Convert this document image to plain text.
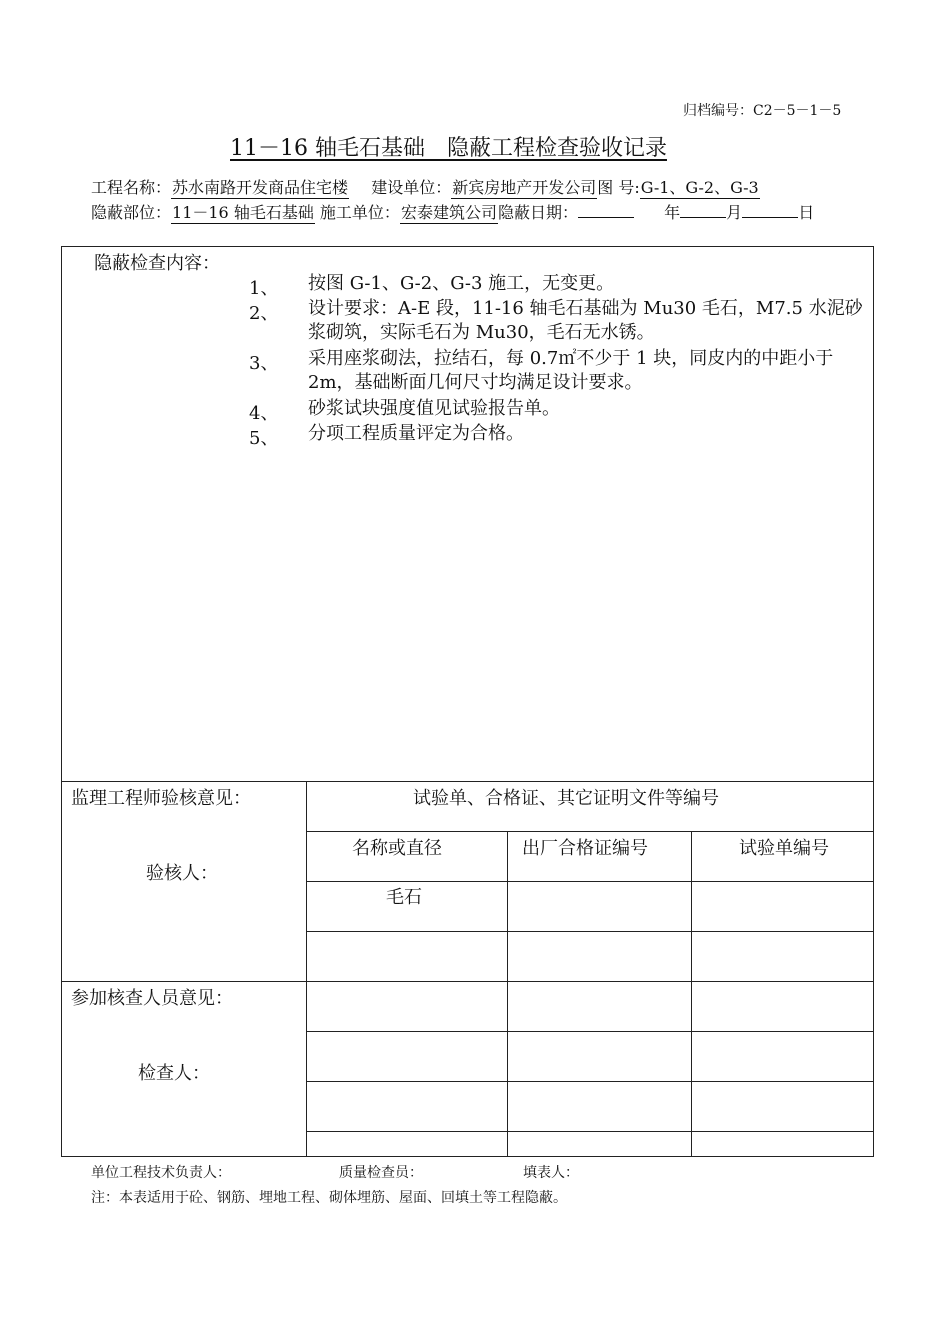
归档编号：C2－5－1－5
11－16 轴毛石基础　隐蔽工程检查验收记录
工程名称：苏水南路开发商品住宅楼 建设单位：新宾房地产开发公司图 号:G-1、G-2、G-3
隐蔽部位：11－16 轴毛石基础 施工单位：宏泰建筑公司隐蔽日期：	年	月	日
隐蔽检查内容：
1、 按图 G-1、G-2、G-3 施工，无变更。
2、 设计要求：A-E 段，11-16 轴毛石基础为 Mu30 毛石，M7.5 水泥砂浆砌筑，实际毛石为 Mu30，毛石无水锈。
3、 采用座浆砌法，拉结石，每 0.7㎡不少于 1 块，同皮内的中距小于 2m，基础断面几何尺寸均满足设计要求。
4、 砂浆试块强度值见试验报告单。
5、 分项工程质量评定为合格。
监理工程师验核意见：
验核人：
试验单、合格证、其它证明文件等编号
名称或直径	出厂合格证编号	试验单编号
毛石
参加核查人员意见：
检查人：
单位工程技术负责人：	质量检查员：	填表人：
注：本表适用于砼、钢筋、埋地工程、砌体埋筋、屋面、回填土等工程隐蔽。
